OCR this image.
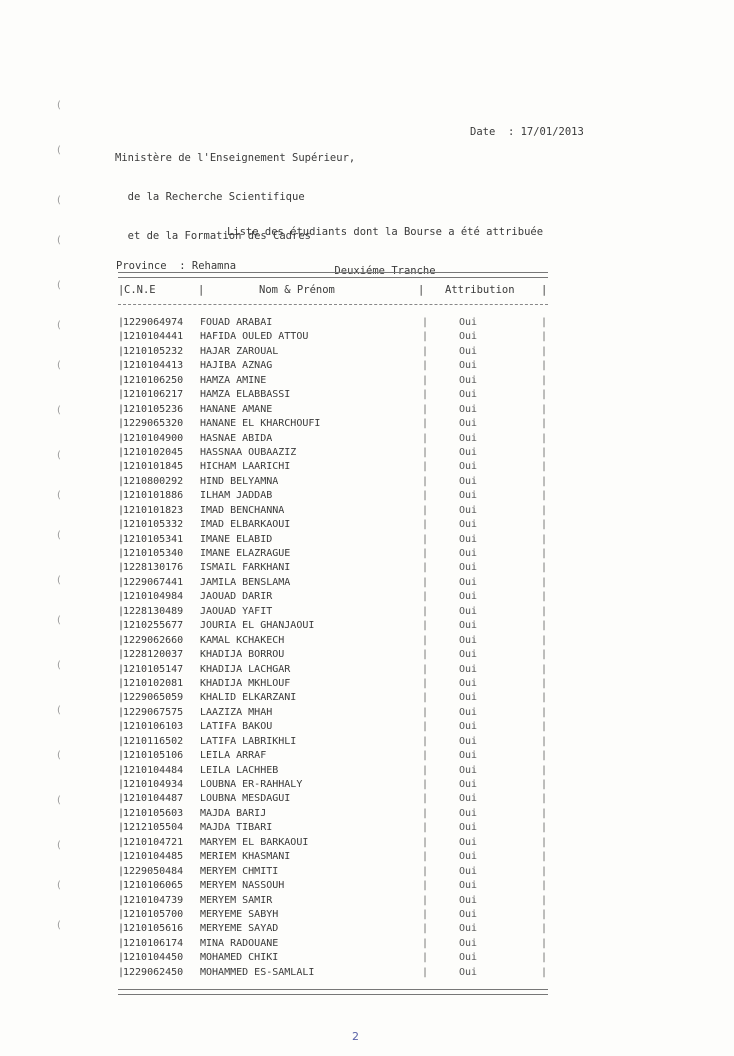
(
(
(
(
(
(
(
(
(
(
(
(
(
(
(
(
(
(
(
(

Ministère de l'Enseignement Supérieur,

de la Recherche Scientifique

et de la Formation des Cadres

Date  : 17/01/2013

Liste des étudiants dont la Bourse a été attribuée

Deuxiéme Tranche

Province  : Rehamna
| C.N.E	|	Nom & Prénom	| Attribution	|
|
1229064974 FOUAD ARABAI	|	Oui	|
|
1210104441 HAFIDA OULED ATTOU	|	Oui	|
|
1210105232 HAJAR ZAROUAL	|	Oui	|
|
1210104413 HAJIBA AZNAG	|	Oui	|
|
1210106250 HAMZA AMINE	|	Oui	|
|
1210106217 HAMZA ELABBASSI	|	Oui	|
|
1210105236 HANANE AMANE	|	Oui	|
|
1229065320 HANANE EL KHARCHOUFI	|	Oui	|
|
1210104900 HASNAE ABIDA	|	Oui	|
|
1210102045 HASSNAA OUBAAZIZ	|	Oui	|
|
1210101845 HICHAM LAARICHI	|	Oui	|
|
1210800292 HIND BELYAMNA	|	Oui	|
|
1210101886 ILHAM JADDAB	|	Oui	|
|
1210101823 IMAD BENCHANNA	|	Oui	|
|
1210105332 IMAD ELBARKAOUI	|	Oui	|
|
1210105341 IMANE ELABID	|	Oui	|
|
1210105340 IMANE ELAZRAGUE	|	Oui	|
|
1228130176 ISMAIL FARKHANI	|	Oui	|
|
1229067441 JAMILA BENSLAMA	|	Oui	|
|
1210104984 JAOUAD DARIR	|	Oui	|
|
1228130489 JAOUAD YAFIT	|	Oui	|
|
1210255677 JOURIA EL GHANJAOUI	|	Oui	|
|
1229062660 KAMAL KCHAKECH	|	Oui	|
|
1228120037 KHADIJA BORROU	|	Oui	|
|
1210105147 KHADIJA LACHGAR	|	Oui	|
|
1210102081 KHADIJA MKHLOUF	|	Oui	|
|
1229065059 KHALID ELKARZANI	|	Oui	|
|
1229067575 LAAZIZA MHAH	|	Oui	|
|
1210106103 LATIFA BAKOU	|	Oui	|
|
1210116502 LATIFA LABRIKHLI	|	Oui	|
|
1210105106 LEILA ARRAF	|	Oui	|
|
1210104484 LEILA LACHHEB	|	Oui	|
|
1210104934 LOUBNA ER-RAHHALY	|	Oui	|
|
1210104487 LOUBNA MESDAGUI	|	Oui	|
|
1210105603 MAJDA BARIJ	|	Oui	|
|
1212105504 MAJDA TIBARI	|	Oui	|
|
1210104721 MARYEM EL BARKAOUI	|	Oui	|
|
1210104485 MERIEM KHASMANI	|	Oui	|
|
1229050484 MERYEM CHMITI	|	Oui	|
|
1210106065 MERYEM NASSOUH	|	Oui	|
|
1210104739 MERYEM SAMIR	|	Oui	|
|
1210105700 MERYEME SABYH	|	Oui	|
|
1210105616 MERYEME SAYAD	|	Oui	|
|
1210106174 MINA RADOUANE	|	Oui	|
|
1210104450 MOHAMED CHIKI	|	Oui	|
|
1229062450 MOHAMMED ES-SAMLALI	|	Oui	|
2
